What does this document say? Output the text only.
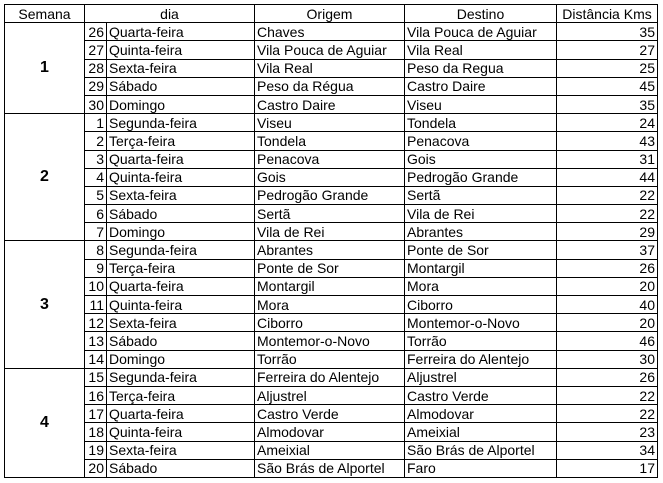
Semana	dia		Origem	Destino	Distância Kms
1	26	Quarta-feira	Chaves	Vila Pouca de Aguiar	35
	27	Quinta-feira	Vila Pouca de Aguiar	Vila Real	27
	28	Sexta-feira	Vila Real	Peso da Regua	25
	29	Sábado	Peso da Régua	Castro Daire	45
	30	Domingo	Castro Daire	Viseu	35
2	1	Segunda-feira	Viseu	Tondela	24
	2	Terça-feira	Tondela	Penacova	43
	3	Quarta-feira	Penacova	Gois	31
	4	Quinta-feira	Gois	Pedrogão Grande	44
	5	Sexta-feira	Pedrogão Grande	Sertã	22
	6	Sábado	Sertã	Vila de Rei	22
	7	Domingo	Vila de Rei	Abrantes	29
3	8	Segunda-feira	Abrantes	Ponte de Sor	37
	9	Terça-feira	Ponte de Sor	Montargil	26
	10	Quarta-feira	Montargil	Mora	20
	11	Quinta-feira	Mora	Ciborro	40
	12	Sexta-feira	Ciborro	Montemor-o-Novo	20
	13	Sábado	Montemor-o-Novo	Torrão	46
	14	Domingo	Torrão	Ferreira do Alentejo	30
4	15	Segunda-feira	Ferreira do Alentejo	Aljustrel	26
	16	Terça-feira	Aljustrel	Castro Verde	22
	17	Quarta-feira	Castro Verde	Almodovar	22
	18	Quinta-feira	Almodovar	Ameixial	23
	19	Sexta-feira	Ameixial	São Brás de Alportel	34
	20	Sábado	São Brás de Alportel	Faro	17
